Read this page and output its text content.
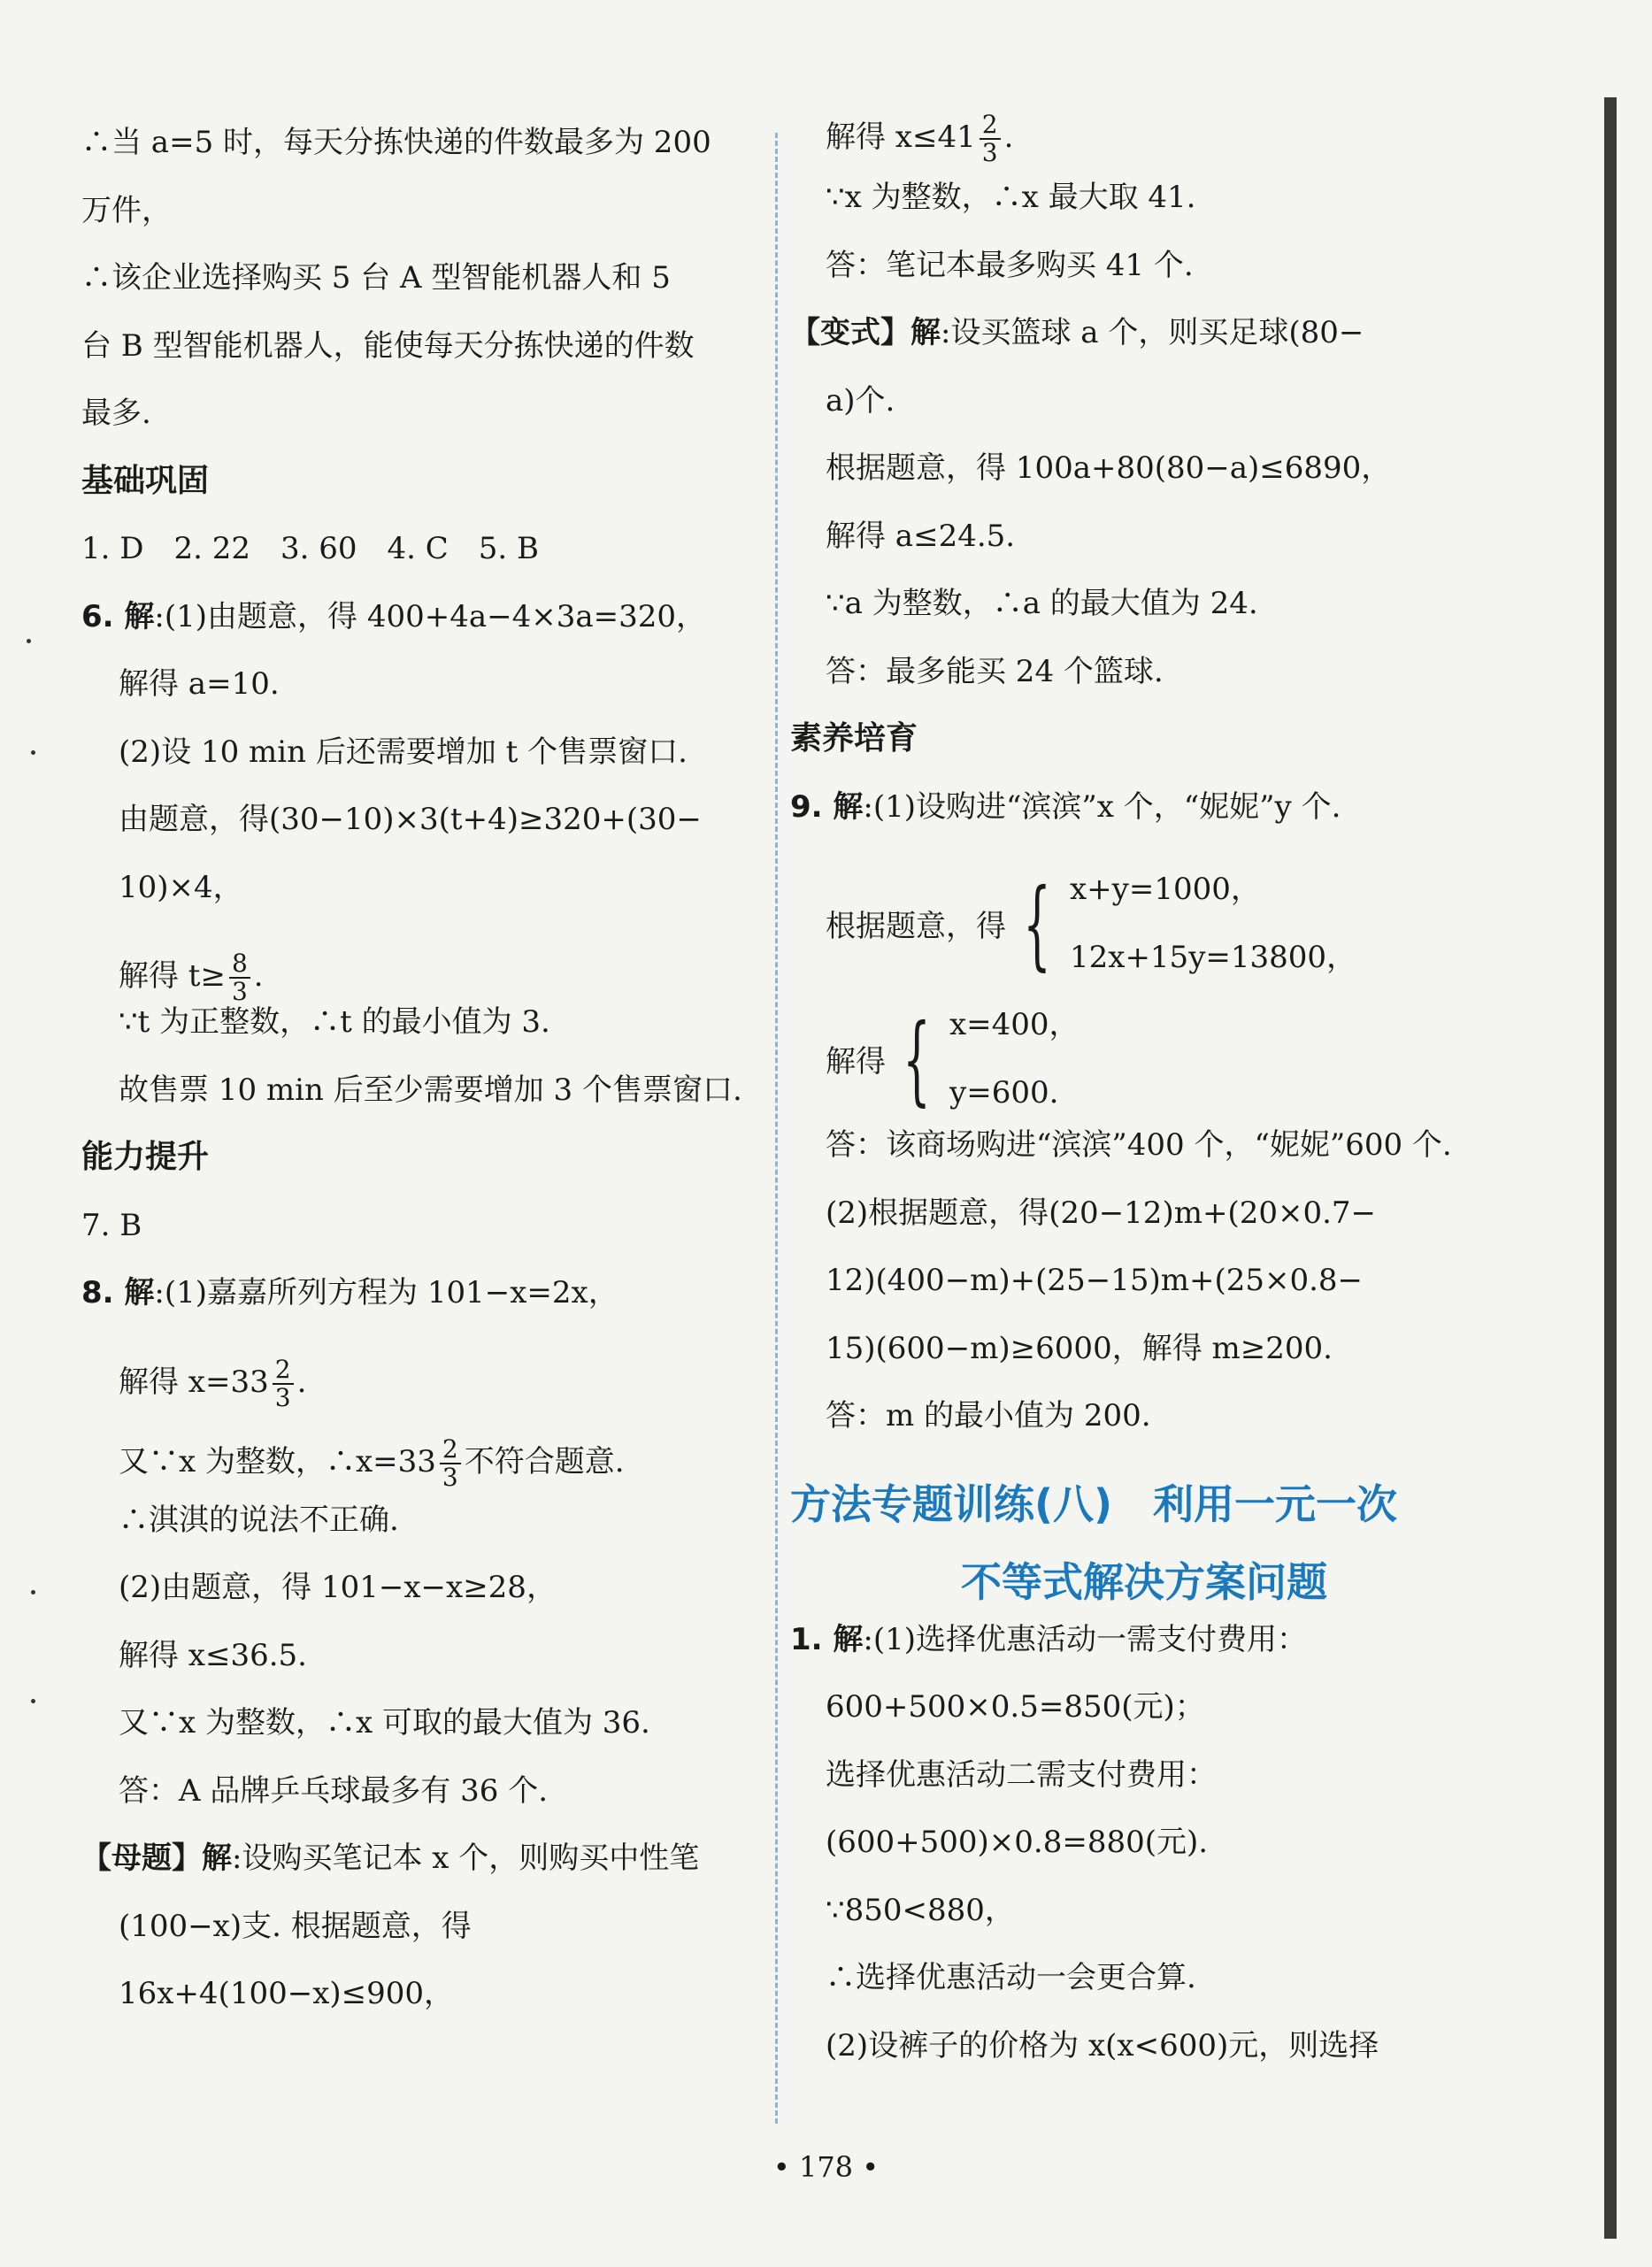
∴当 a=5 时，每天分拣快递的件数最多为 200
万件，
∴该企业选择购买 5 台 A 型智能机器人和 5
台 B 型智能机器人，能使每天分拣快递的件数
最多.
基础巩固
1. D　2. 22　3. 60　4. C　5. B
6. 解:(1)由题意，得 400+4a−4×3a=320，
解得 a=10.
(2)设 10 min 后还需要增加 t 个售票窗口.
由题意，得(30−10)×3(t+4)≥320+(30−
10)×4，
解得 $t\ge \frac{8}{3}$ .
∵t 为正整数，∴t 的最小值为 3.
故售票 10 min 后至少需要增加 3 个售票窗口.
能力提升
7. B
8. 解:(1)嘉嘉所列方程为 101−x=2x，
解得 $x=33 \frac{2}{3}$ .
又∵x 为整数，∴x=33 $\frac{2}{3}$ 不符合题意.
∴淇淇的说法不正确.
(2)由题意，得 101−x−x≥28，
解得 x≤36.5.
又∵x 为整数，∴x 可取的最大值为 36.
答：A 品牌乒乓球最多有 36 个.
【母题】解:设购买笔记本 x 个，则购买中性笔
(100−x)支. 根据题意，得
16x+4(100−x)≤900，
解得 $x\le 41 \frac{2}{3}$ .
∵x 为整数，∴x 最大取 41.
答：笔记本最多购买 41 个.
【变式】解:设买篮球 a 个，则买足球(80−
a)个.
根据题意，得 100a+80(80−a)≤6890，
解得 a≤24.5.
∵a 为整数，∴a 的最大值为 24.
答：最多能买 24 个篮球.
素养培育
9. 解:(1)设购进“滨滨”x 个，“妮妮”y 个.
根据题意，得 { x+y=1000，
12x+15y=13800，
解得 { x=400，
y=600.
答：该商场购进“滨滨”400 个，“妮妮”600 个.
(2)根据题意，得(20−12)m+(20×0.7−
12)(400−m)+(25−15)m+(25×0.8−
15)(600−m)≥6000，解得 m≥200.
答：m 的最小值为 200.
方法专题训练(八)　利用一元一次
不等式解决方案问题
1. 解:(1)选择优惠活动一需支付费用：
600+500×0.5=850(元)；
选择优惠活动二需支付费用：
(600+500)×0.8=880(元).
∵850<880，
∴选择优惠活动一会更合算.
(2)设裤子的价格为 x(x<600)元，则选择
• 178 •
